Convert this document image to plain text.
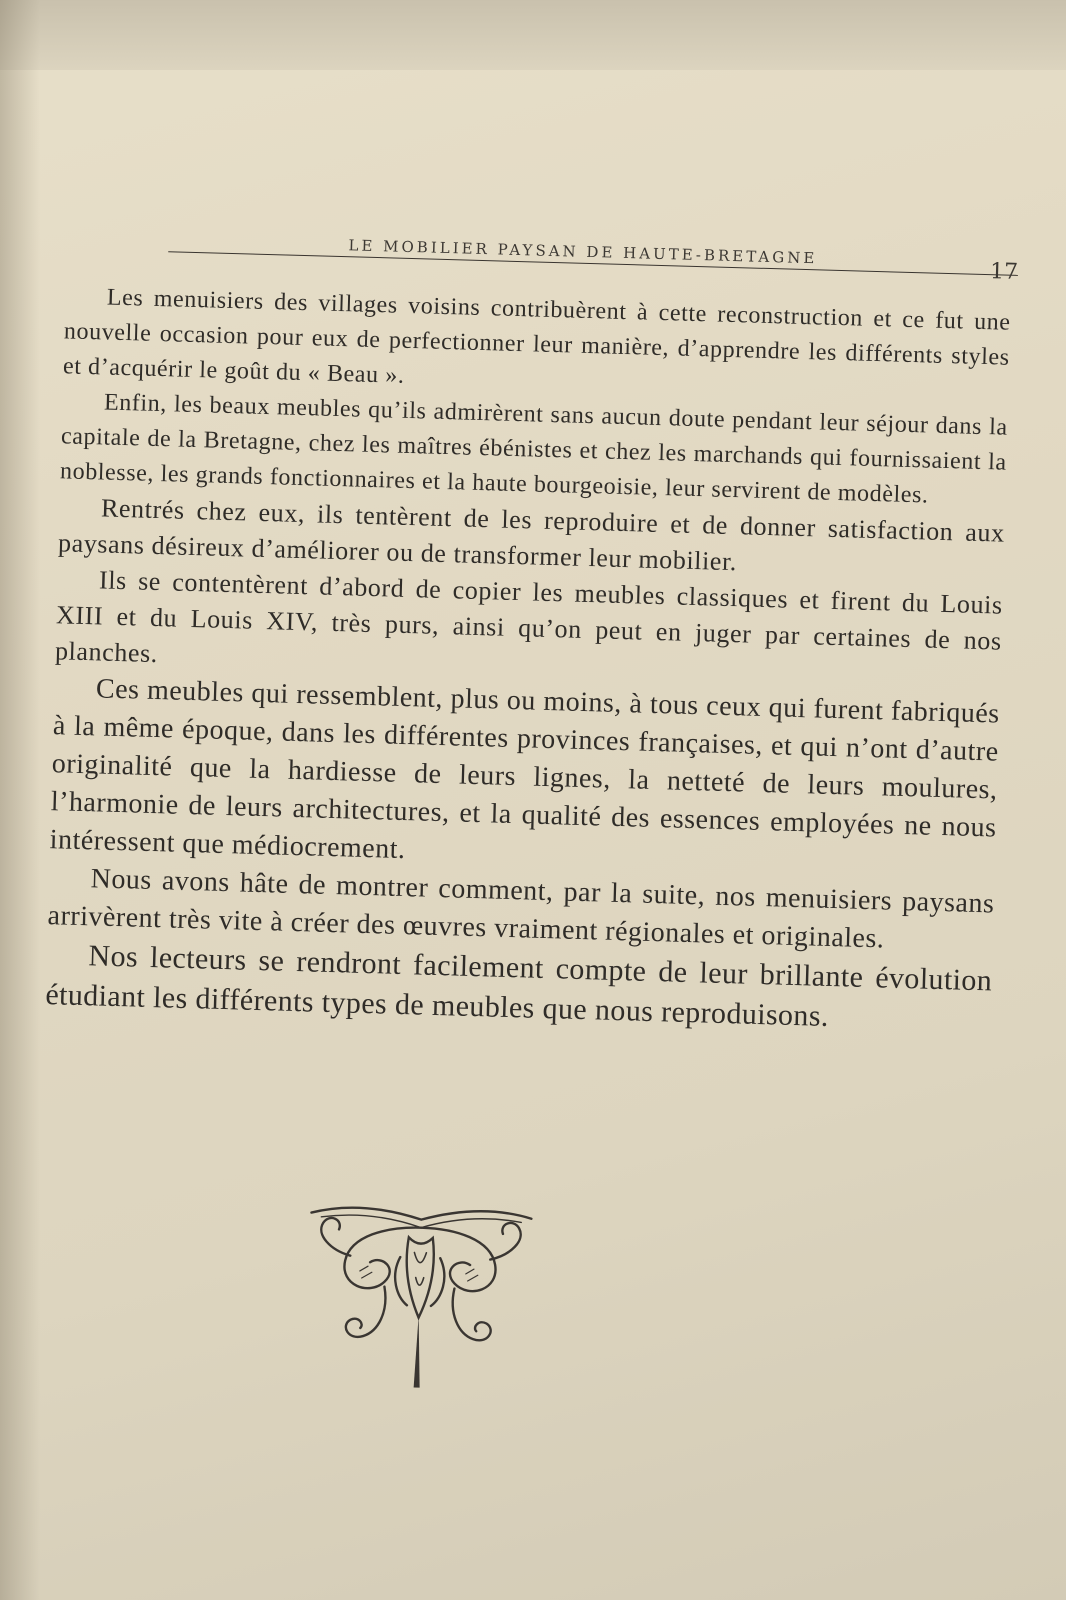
LE MOBILIER PAYSAN DE HAUTE-BRETAGNE
17

Les menuisiers des villages voisins contribuèrent à cette reconstruction et ce fut une nouvelle occasion pour eux de perfectionner leur manière, d’apprendre les différents styles et d’acquérir le goût du « Beau ».

Enfin, les beaux meubles qu’ils admirèrent sans aucun doute pendant leur séjour dans la capitale de la Bretagne, chez les maîtres ébénistes et chez les marchands qui fournissaient la noblesse, les grands fonctionnaires et la haute bourgeoisie, leur servirent de modèles.

Rentrés chez eux, ils tentèrent de les reproduire et de donner satisfaction aux paysans désireux d’améliorer ou de transformer leur mobilier.

Ils se contentèrent d’abord de copier les meubles classiques et firent du Louis XIII et du Louis XIV, très purs, ainsi qu’on peut en juger par certaines de nos planches.

Ces meubles qui ressemblent, plus ou moins, à tous ceux qui furent fabriqués à la même époque, dans les différentes provinces françaises, et qui n’ont d’autre originalité que la hardiesse de leurs lignes, la netteté de leurs moulures, l’harmonie de leurs architectures, et la qualité des essences employées ne nous intéressent que médiocrement.

Nous avons hâte de montrer comment, par la suite, nos menuisiers paysans arrivèrent très vite à créer des œuvres vraiment régionales et originales.

Nos lecteurs se rendront facilement compte de leur brillante évolution étudiant les différents types de meubles que nous reproduisons.
